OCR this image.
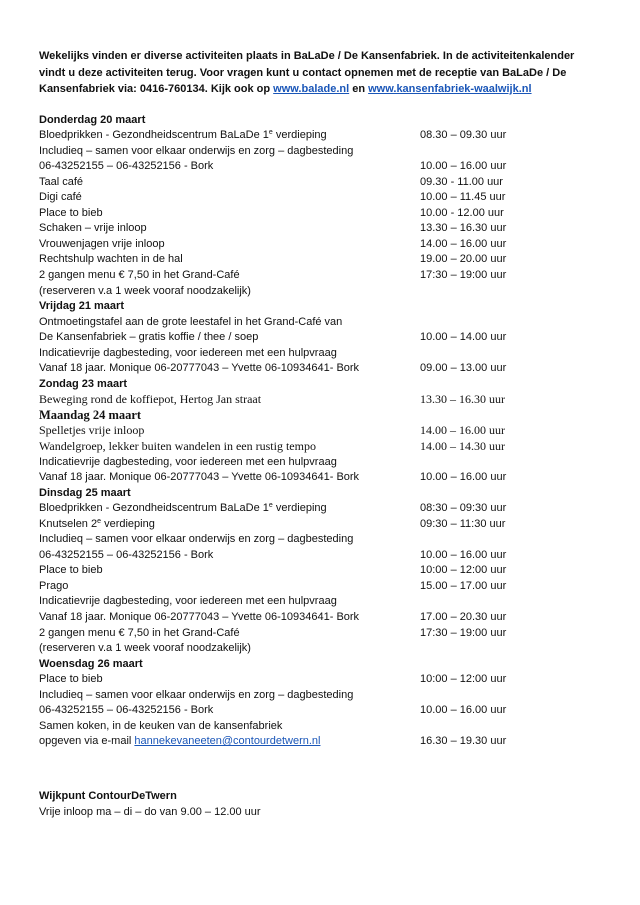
Wekelijks vinden er diverse activiteiten plaats in BaLaDe / De Kansenfabriek. In de activiteitenkalender vindt u deze activiteiten terug. Voor vragen kunt u contact opnemen met de receptie van BaLaDe / De Kansenfabriek via: 0416-760134. Kijk ook op www.balade.nl en www.kansenfabriek-waalwijk.nl

Donderdag 20 maart
Bloedprikken - Gezondheidscentrum BaLaDe 1e verdieping	08.30 – 09.30 uur
Includieq – samen voor elkaar onderwijs en zorg – dagbesteding
06-43252155 – 06-43252156 - Bork	10.00 – 16.00 uur
Taal café	09.30 - 11.00 uur
Digi café	10.00 – 11.45 uur
Place to bieb	10.00 - 12.00 uur
Schaken – vrije inloop	13.30 – 16.30 uur
Vrouwenjagen vrije inloop	14.00 – 16.00 uur
Rechtshulp wachten in de hal	19.00 – 20.00 uur
2 gangen menu € 7,50 in het Grand-Café	17:30 – 19:00 uur
(reserveren v.a 1 week vooraf noodzakelijk)
Vrijdag 21 maart
Ontmoetingstafel aan de grote leestafel in het Grand-Café van
De Kansenfabriek – gratis koffie / thee / soep	10.00 – 14.00 uur
Indicatievrije dagbesteding, voor iedereen met een hulpvraag
Vanaf 18 jaar. Monique 06-20777043 – Yvette 06-10934641- Bork	09.00 – 13.00 uur
Zondag 23 maart
Beweging rond de koffiepot, Hertog Jan straat	13.30 – 16.30 uur
Maandag 24 maart
Spelletjes vrije inloop	14.00 – 16.00 uur
Wandelgroep, lekker buiten wandelen in een rustig tempo	14.00 – 14.30 uur
Indicatievrije dagbesteding, voor iedereen met een hulpvraag
Vanaf 18 jaar. Monique 06-20777043 – Yvette 06-10934641- Bork	10.00 – 16.00 uur
Dinsdag 25 maart
Bloedprikken - Gezondheidscentrum BaLaDe 1e verdieping	08:30 – 09:30 uur
Knutselen 2e verdieping	09:30 – 11:30 uur
Includieq – samen voor elkaar onderwijs en zorg – dagbesteding
06-43252155 – 06-43252156 - Bork	10.00 – 16.00 uur
Place to bieb	10:00 – 12:00 uur
Prago	15.00 – 17.00 uur
Indicatievrije dagbesteding, voor iedereen met een hulpvraag
Vanaf 18 jaar. Monique 06-20777043 – Yvette 06-10934641- Bork	17.00 – 20.30 uur
2 gangen menu € 7,50 in het Grand-Café	17:30 – 19:00 uur
(reserveren v.a 1 week vooraf noodzakelijk)
Woensdag 26 maart
Place to bieb	10:00 – 12:00 uur
Includieq – samen voor elkaar onderwijs en zorg – dagbesteding
06-43252155 – 06-43252156 - Bork	10.00 – 16.00 uur
Samen koken, in de keuken van de kansenfabriek
opgeven via e-mail hannekevaneeten@contourdetwern.nl	16.30 – 19.30 uur
Wijkpunt ContourDeTwern
Vrije inloop ma – di – do van 9.00 – 12.00 uur
